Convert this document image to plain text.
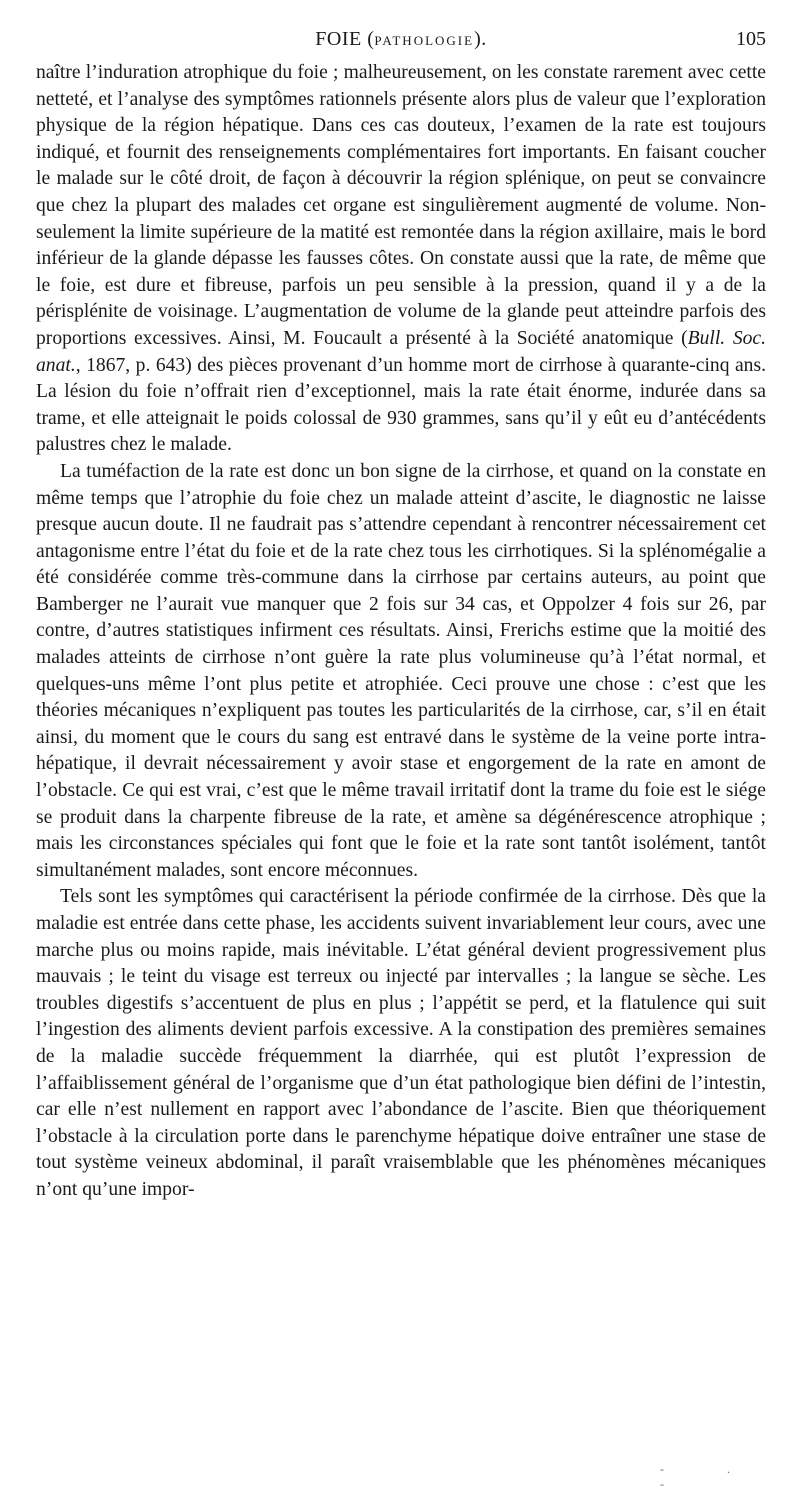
FOIE (PATHOLOGIE).	105

naître l’induration atrophique du foie ; malheureusement, on les constate rarement avec cette netteté, et l’analyse des symptômes rationnels présente alors plus de valeur que l’exploration physique de la région hépatique. Dans ces cas douteux, l’examen de la rate est toujours indiqué, et fournit des renseignements complémentaires fort importants. En faisant coucher le malade sur le côté droit, de façon à découvrir la région splénique, on peut se convaincre que chez la plupart des malades cet organe est singulièrement augmenté de volume. Non-seulement la limite supérieure de la matité est remontée dans la région axillaire, mais le bord inférieur de la glande dépasse les fausses côtes. On constate aussi que la rate, de même que le foie, est dure et fibreuse, parfois un peu sensible à la pression, quand il y a de la périsplénite de voisinage. L’augmentation de volume de la glande peut atteindre parfois des proportions excessives. Ainsi, M. Foucault a présenté à la Société anatomique (Bull. Soc. anat., 1867, p. 643) des pièces provenant d’un homme mort de cirrhose à quarante-cinq ans. La lésion du foie n’offrait rien d’exceptionnel, mais la rate était énorme, indurée dans sa trame, et elle atteignait le poids colossal de 930 grammes, sans qu’il y eût eu d’antécédents palustres chez le malade.

La tuméfaction de la rate est donc un bon signe de la cirrhose, et quand on la constate en même temps que l’atrophie du foie chez un malade atteint d’ascite, le diagnostic ne laisse presque aucun doute. Il ne faudrait pas s’attendre cependant à rencontrer nécessairement cet antagonisme entre l’état du foie et de la rate chez tous les cirrhotiques. Si la splénomégalie a été considérée comme très-commune dans la cirrhose par certains auteurs, au point que Bamberger ne l’aurait vue manquer que 2 fois sur 34 cas, et Oppolzer 4 fois sur 26, par contre, d’autres statistiques infirment ces résultats. Ainsi, Frerichs estime que la moitié des malades atteints de cirrhose n’ont guère la rate plus volumineuse qu’à l’état normal, et quelques-uns même l’ont plus petite et atrophiée. Ceci prouve une chose : c’est que les théories mécaniques n’expliquent pas toutes les particularités de la cirrhose, car, s’il en était ainsi, du moment que le cours du sang est entravé dans le système de la veine porte intra-hépatique, il devrait nécessairement y avoir stase et engorgement de la rate en amont de l’obstacle. Ce qui est vrai, c’est que le même travail irritatif dont la trame du foie est le siége se produit dans la charpente fibreuse de la rate, et amène sa dégénérescence atrophique ; mais les circonstances spéciales qui font que le foie et la rate sont tantôt isolément, tantôt simultanément malades, sont encore méconnues.

Tels sont les symptômes qui caractérisent la période confirmée de la cirrhose. Dès que la maladie est entrée dans cette phase, les accidents suivent invariablement leur cours, avec une marche plus ou moins rapide, mais inévitable. L’état général devient progressivement plus mauvais ; le teint du visage est terreux ou injecté par intervalles ; la langue se sèche. Les troubles digestifs s’accentuent de plus en plus ; l’appétit se perd, et la flatulence qui suit l’ingestion des aliments devient parfois excessive. A la constipation des premières semaines de la maladie succède fréquemment la diarrhée, qui est plutôt l’expression de l’affaiblissement général de l’organisme que d’un état pathologique bien défini de l’intestin, car elle n’est nullement en rapport avec l’abondance de l’ascite. Bien que théoriquement l’obstacle à la circulation porte dans le parenchyme hépatique doive entraîner une stase de tout système veineux abdominal, il paraît vraisemblable que les phénomènes mécaniques n’ont qu’une impor-

- . -
